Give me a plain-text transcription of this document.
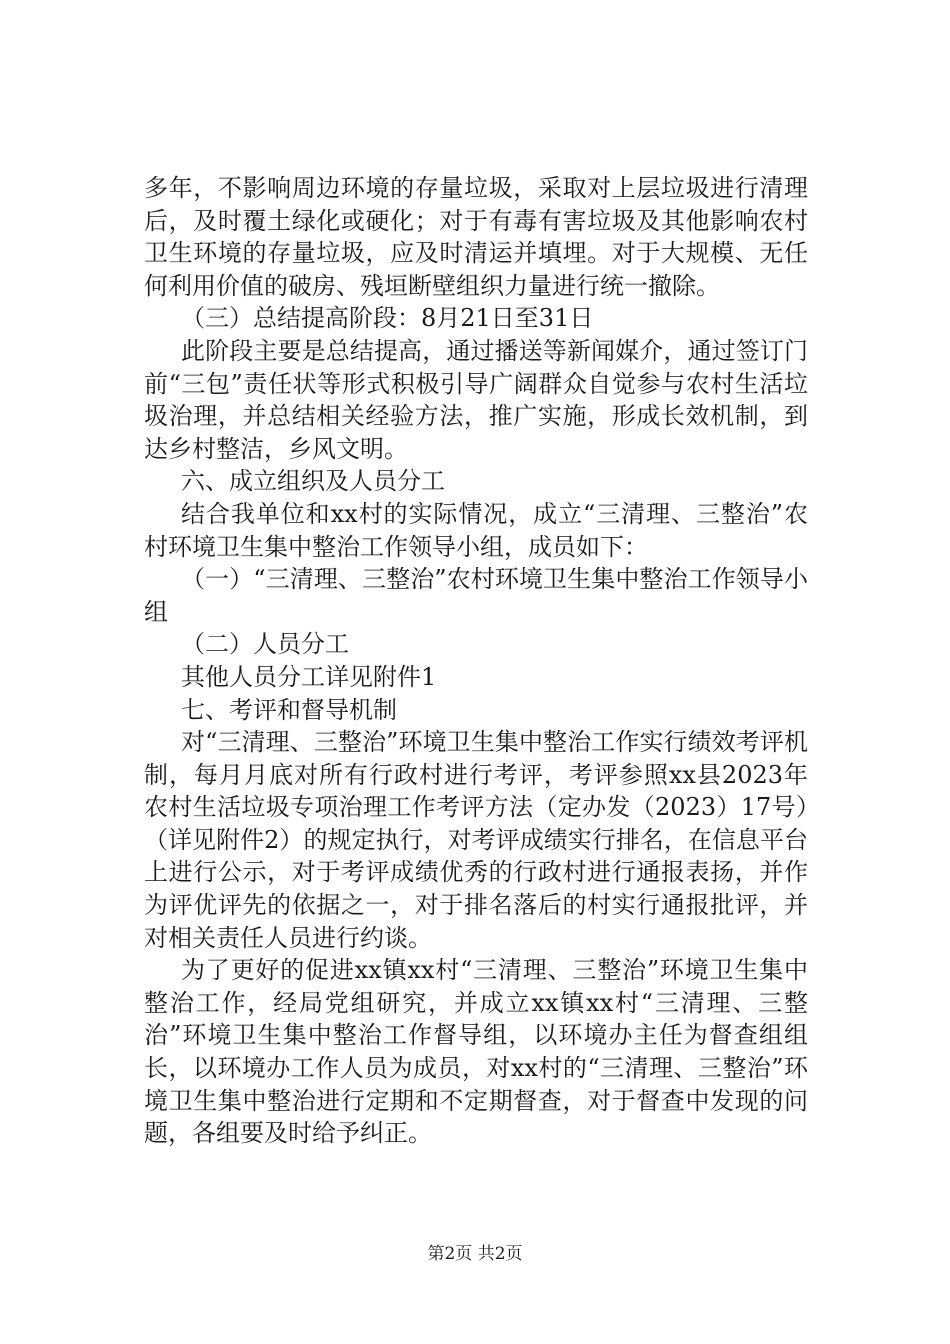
多年，不影响周边环境的存量垃圾，采取对上层垃圾进行清理后，及时覆土绿化或硬化；对于有毒有害垃圾及其他影响农村卫生环境的存量垃圾，应及时清运并填埋。对于大规模、无任何利用价值的破房、残垣断壁组织力量进行统一撤除。

（三）总结提高阶段：8月21日至31日

此阶段主要是总结提高，通过播送等新闻媒介，通过签订门前“三包”责任状等形式积极引导广阔群众自觉参与农村生活垃圾治理，并总结相关经验方法，推广实施，形成长效机制，到达乡村整洁，乡风文明。

六、成立组织及人员分工

结合我单位和xx村的实际情况，成立“三清理、三整治”农村环境卫生集中整治工作领导小组，成员如下：

（一）“三清理、三整治”农村环境卫生集中整治工作领导小组

（二）人员分工

其他人员分工详见附件1

七、考评和督导机制

对“三清理、三整治”环境卫生集中整治工作实行绩效考评机制，每月月底对所有行政村进行考评，考评参照xx县2023年农村生活垃圾专项治理工作考评方法（定办发（2023）17号）（详见附件2）的规定执行，对考评成绩实行排名，在信息平台上进行公示，对于考评成绩优秀的行政村进行通报表扬，并作为评优评先的依据之一，对于排名落后的村实行通报批评，并对相关责任人员进行约谈。

为了更好的促进xx镇xx村“三清理、三整治”环境卫生集中整治工作，经局党组研究，并成立xx镇xx村“三清理、三整治”环境卫生集中整治工作督导组，以环境办主任为督查组组长，以环境办工作人员为成员，对xx村的“三清理、三整治”环境卫生集中整治进行定期和不定期督查，对于督查中发现的问题，各组要及时给予纠正。

第2页 共2页
